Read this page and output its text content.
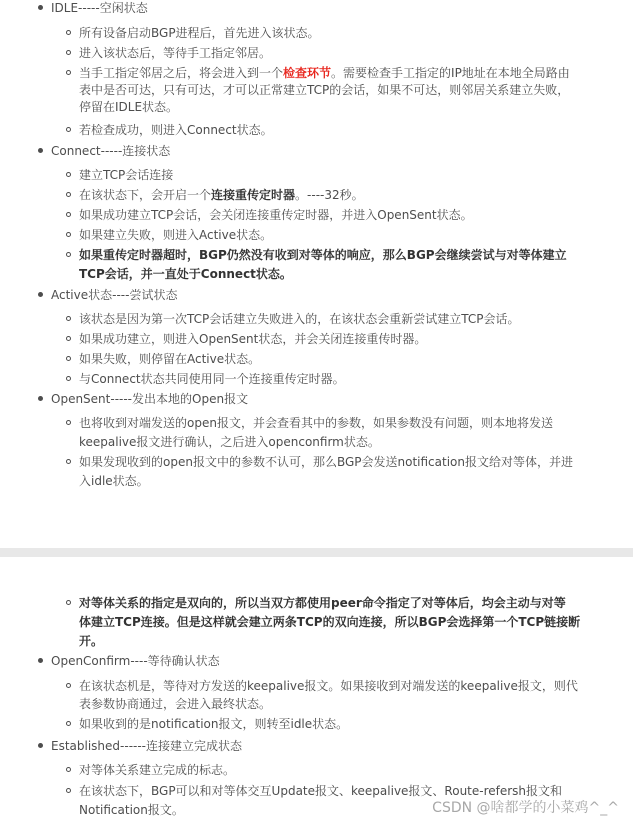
IDLE-----空闲状态
所有设备启动BGP进程后，首先进入该状态。
进入该状态后，等待手工指定邻居。
当手工指定邻居之后，将会进入到一个检查环节。需要检查手工指定的IP地址在本地全局路由
表中是否可达，只有可达，才可以正常建立TCP的会话，如果不可达，则邻居关系建立失败，
停留在IDLE状态。
若检查成功，则进入Connect状态。
Connect-----连接状态
建立TCP会话连接
在该状态下，会开启一个连接重传定时器。----32秒。
如果成功建立TCP会话，会关闭连接重传定时器，并进入OpenSent状态。
如果建立失败，则进入Active状态。
如果重传定时器超时，BGP仍然没有收到对等体的响应，那么BGP会继续尝试与对等体建立
TCP会话，并一直处于Connect状态。
Active状态----尝试状态
该状态是因为第一次TCP会话建立失败进入的，在该状态会重新尝试建立TCP会话。
如果成功建立，则进入OpenSent状态，并会关闭连接重传时器。
如果失败，则停留在Active状态。
与Connect状态共同使用同一个连接重传定时器。
OpenSent-----发出本地的Open报文
也将收到对端发送的open报文，并会查看其中的参数，如果参数没有问题，则本地将发送
keepalive报文进行确认，之后进入openconfirm状态。
如果发现收到的open报文中的参数不认可，那么BGP会发送notification报文给对等体，并进
入idle状态。
对等体关系的指定是双向的，所以当双方都使用peer命令指定了对等体后，均会主动与对等
体建立TCP连接。但是这样就会建立两条TCP的双向连接，所以BGP会选择第一个TCP链接断
开。
OpenConfirm----等待确认状态
在该状态机是，等待对方发送的keepalive报文。如果接收到对端发送的keepalive报文，则代
表参数协商通过，会进入最终状态。
如果收到的是notification报文，则转至idle状态。
Established------连接建立完成状态
对等体关系建立完成的标志。
在该状态下，BGP可以和对等体交互Update报文、keepalive报文、Route-refersh报文和
Notification报文。	CSDN @啥都学的小菜鸡^_^
